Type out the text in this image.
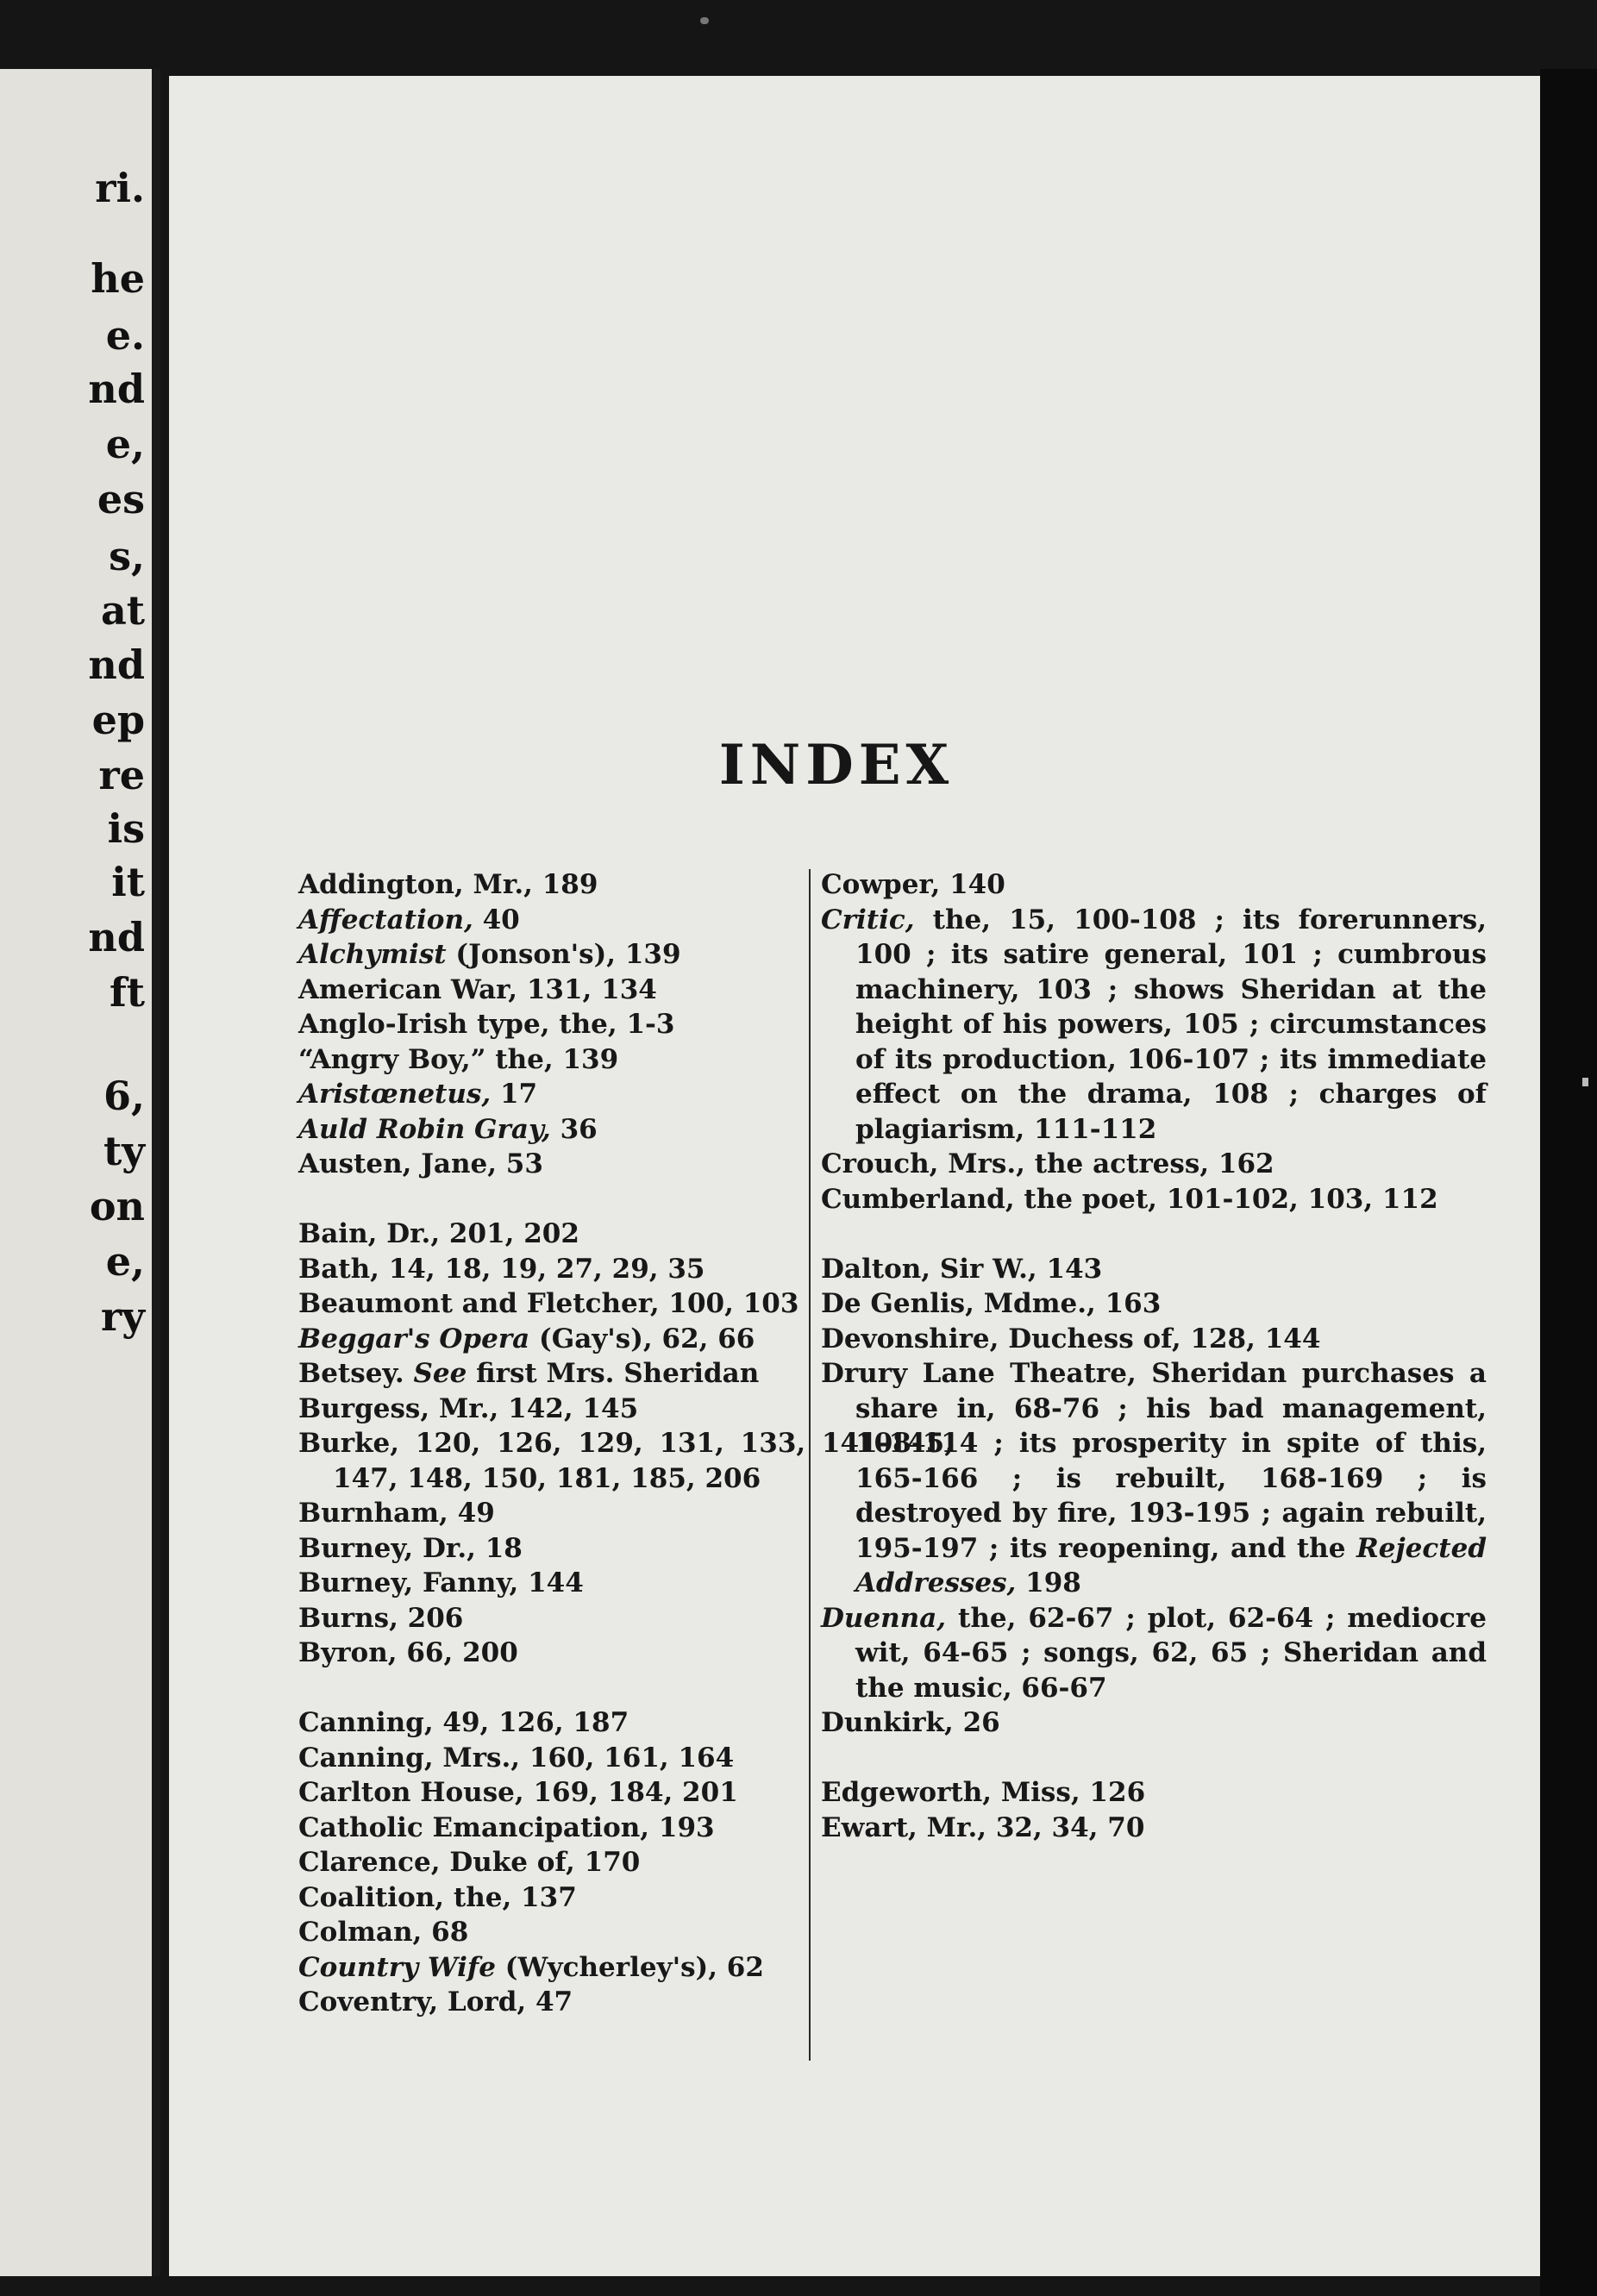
ri.
he
e.
nd
e,
es
s,
at
nd
ep
re
is
it
nd
ft
6,
ty
on
e,
ry
INDEX
Addington, Mr., 189
Affectation, 40
Alchymist (Jonson's), 139
American War, 131, 134
Anglo-Irish type, the, 1-3
“Angry Boy,” the, 139
Aristœnetus, 17
Auld Robin Gray, 36
Austen, Jane, 53
Bain, Dr., 201, 202
Bath, 14, 18, 19, 27, 29, 35
Beaumont and Fletcher, 100, 103
Beggar's Opera (Gay's), 62, 66
Betsey. See first Mrs. Sheridan
Burgess, Mr., 142, 145
Burke, 120, 126, 129, 131, 133, 141-145, 147, 148, 150, 181, 185, 206
Burnham, 49
Burney, Dr., 18
Burney, Fanny, 144
Burns, 206
Byron, 66, 200
Canning, 49, 126, 187
Canning, Mrs., 160, 161, 164
Carlton House, 169, 184, 201
Catholic Emancipation, 193
Clarence, Duke of, 170
Coalition, the, 137
Colman, 68
Country Wife (Wycherley's), 62
Coventry, Lord, 47
Cowper, 140
Critic, the, 15, 100-108 ; its forerunners, 100 ; its satire general, 101 ; cumbrous machinery, 103 ; shows Sheridan at the height of his powers, 105 ; circumstances of its production, 106-107 ; its immediate effect on the drama, 108 ; charges of plagiarism, 111-112
Crouch, Mrs., the actress, 162
Cumberland, the poet, 101-102, 103, 112
Dalton, Sir W., 143
De Genlis, Mdme., 163
Devonshire, Duchess of, 128, 144
Drury Lane Theatre, Sheridan purchases a share in, 68-76 ; his bad management, 108-114 ; its prosperity in spite of this, 165-166 ; is rebuilt, 168-169 ; is destroyed by fire, 193-195 ; again rebuilt, 195-197 ; its reopening, and the Rejected Addresses, 198
Duenna, the, 62-67 ; plot, 62-64 ; mediocre wit, 64-65 ; songs, 62, 65 ; Sheridan and the music, 66-67
Dunkirk, 26
Edgeworth, Miss, 126
Ewart, Mr., 32, 34, 70
